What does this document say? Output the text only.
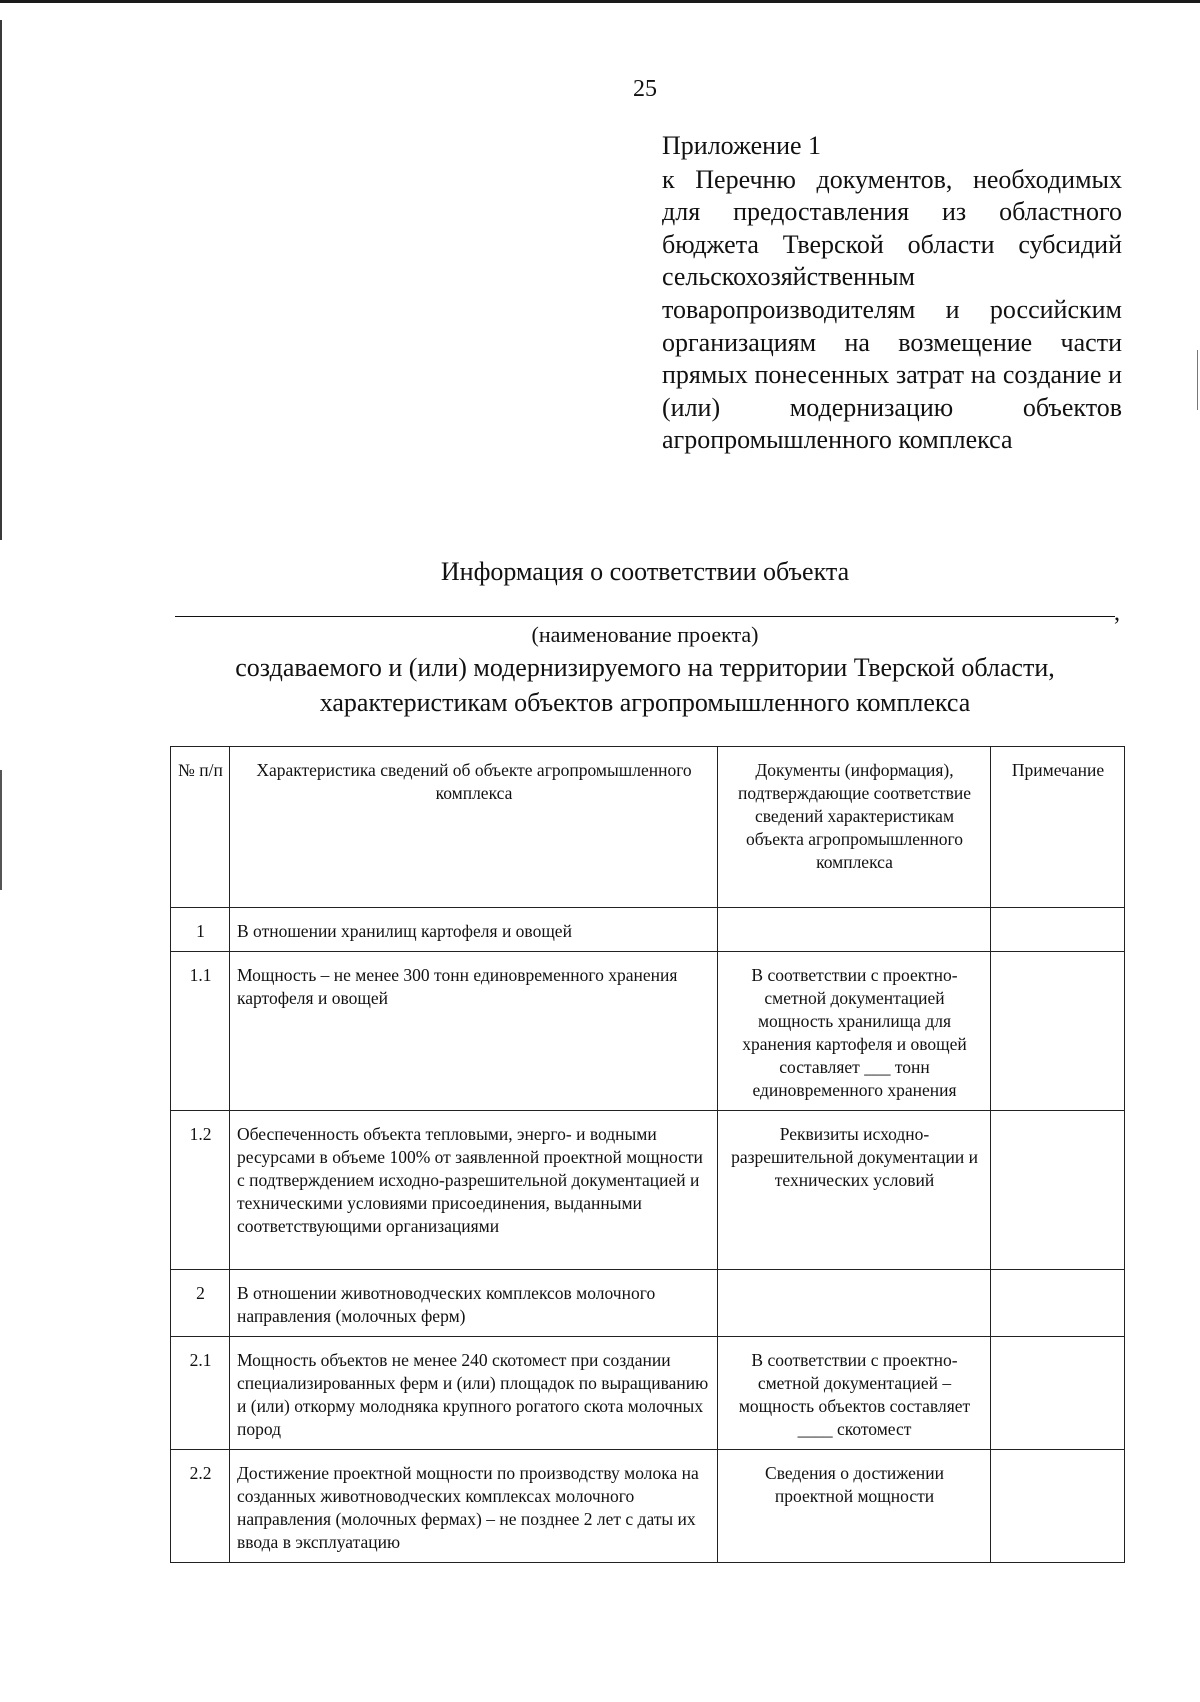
25

Приложение 1

к Перечню документов, необходимых для предоставления из областного бюджета Тверской области субсидий сельскохозяйственным товаропроизводителям и российским организациям на возмещение части прямых понесенных затрат на создание и (или) модернизацию объектов агропромышленного комплекса

Информация о соответствии объекта
,
(наименование проекта)
создаваемого и (или) модернизируемого на территории Тверской области,
характеристикам объектов агропромышленного комплекса
№ п/п	Характеристика сведений об объекте агропромышленного комплекса	Документы (информация), подтверждающие соответствие сведений характеристикам объекта агропромышленного комплекса	Примечание
1	В отношении хранилищ картофеля и овощей		
1.1	Мощность – не менее 300 тонн единовременного хранения картофеля и овощей	В соответствии с проектно-сметной документацией мощность хранилища для хранения картофеля и овощей составляет ___ тонн единовременного хранения	
1.2	Обеспеченность объекта тепловыми, энерго- и водными ресурсами в объеме 100% от заявленной проектной мощности с подтверждением исходно-разрешительной документацией и техническими условиями присоединения, выданными соответствующими организациями	Реквизиты исходно-разрешительной документации и технических условий	
2	В отношении животноводческих комплексов молочного направления (молочных ферм)		
2.1	Мощность объектов не менее 240 скотомест при создании специализированных ферм и (или) площадок по выращиванию и (или) откорму молодняка крупного рогатого скота молочных пород	В соответствии с проектно-сметной документацией – мощность объектов составляет ____ скотомест	
2.2	Достижение проектной мощности по производству молока на созданных животноводческих комплексах молочного направления (молочных фермах) – не позднее 2 лет с даты их ввода в эксплуатацию	Сведения о достижении проектной мощности	
